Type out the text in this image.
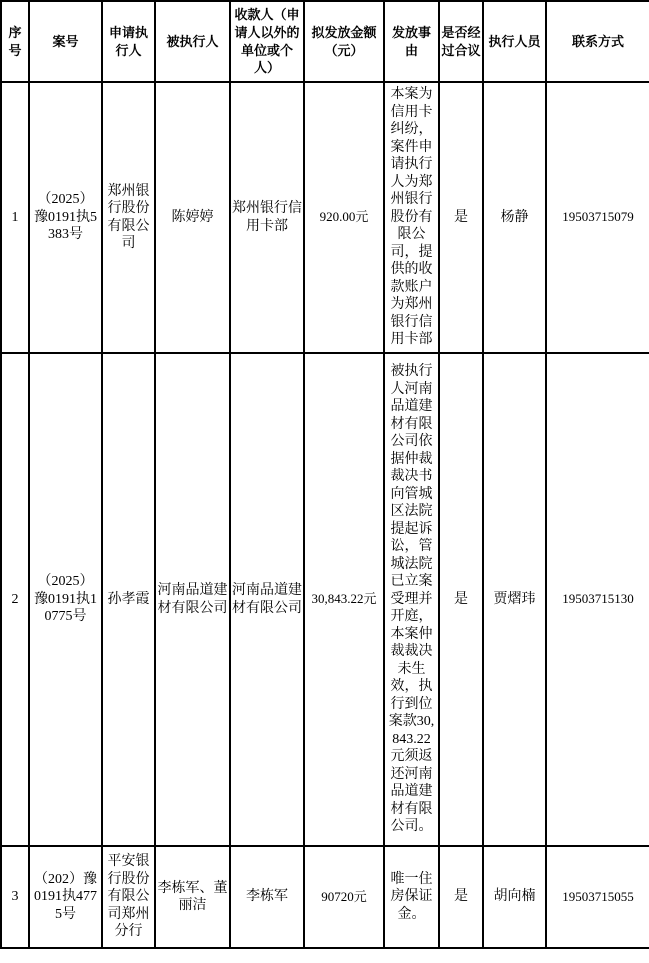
序号	案号	申请执行人	被执行人	收款人（申请人以外的单位或个人）	拟发放金额（元）	发放事由	是否经过合议	执行人员	联系方式
1	（2025）豫0191执5383号	郑州银行股份有限公司	陈婷婷	郑州银行信用卡部	920.00元	本案为信用卡纠纷，案件申请执行人为郑州银行股份有限公司，提供的收款账户为郑州银行信用卡部	是	杨静	19503715079
2	（2025）豫0191执10775号	孙孝霞	河南品道建材有限公司	河南品道建材有限公司	30,843.22元	被执行人河南品道建材有限公司依据仲裁裁决书向管城区法院提起诉讼，管城法院已立案受理并开庭，本案仲裁裁决未生效，执行到位案款30,843.22元须返还河南品道建材有限公司。	是	贾熠玮	19503715130
3	（202）豫0191执4775号	平安银行股份有限公司郑州分行	李栋军、董丽洁	李栋军	90720元	唯一住房保证金。	是	胡向楠	19503715055
